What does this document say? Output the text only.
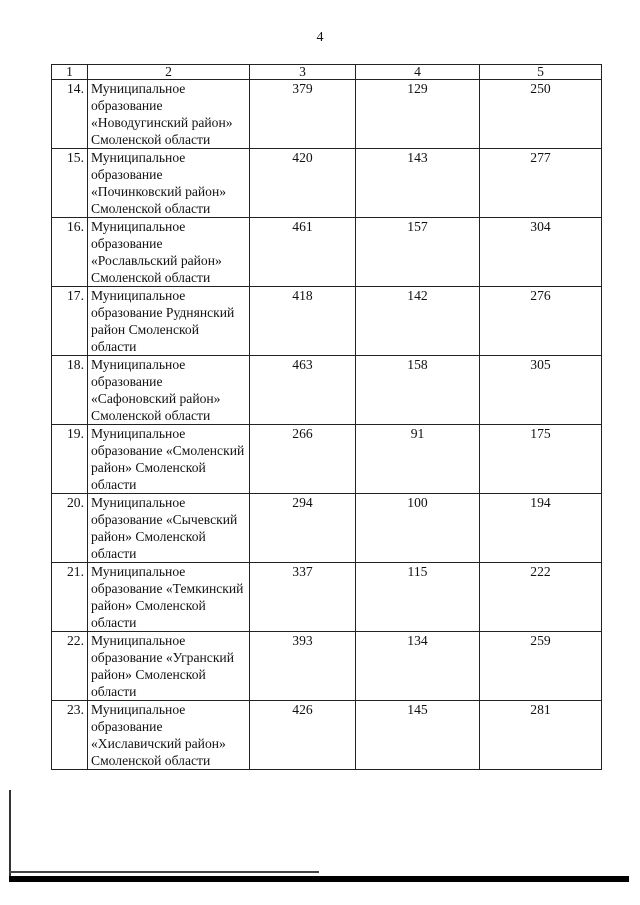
4
1	2	3	4	5
14.	Муниципальное образование «Новодугинский район» Смоленской области	379	129	250
15.	Муниципальное образование «Починковский район» Смоленской области	420	143	277
16.	Муниципальное образование «Рославльский район» Смоленской области	461	157	304
17.	Муниципальное образование Руднянский район Смоленской области	418	142	276
18.	Муниципальное образование «Сафоновский район» Смоленской области	463	158	305
19.	Муниципальное образование «Смоленский район» Смоленской области	266	91	175
20.	Муниципальное образование «Сычевский район» Смоленской области	294	100	194
21.	Муниципальное образование «Темкинский район» Смоленской области	337	115	222
22.	Муниципальное образование «Угранский район» Смоленской области	393	134	259
23.	Муниципальное образование «Хиславичский район» Смоленской области	426	145	281
